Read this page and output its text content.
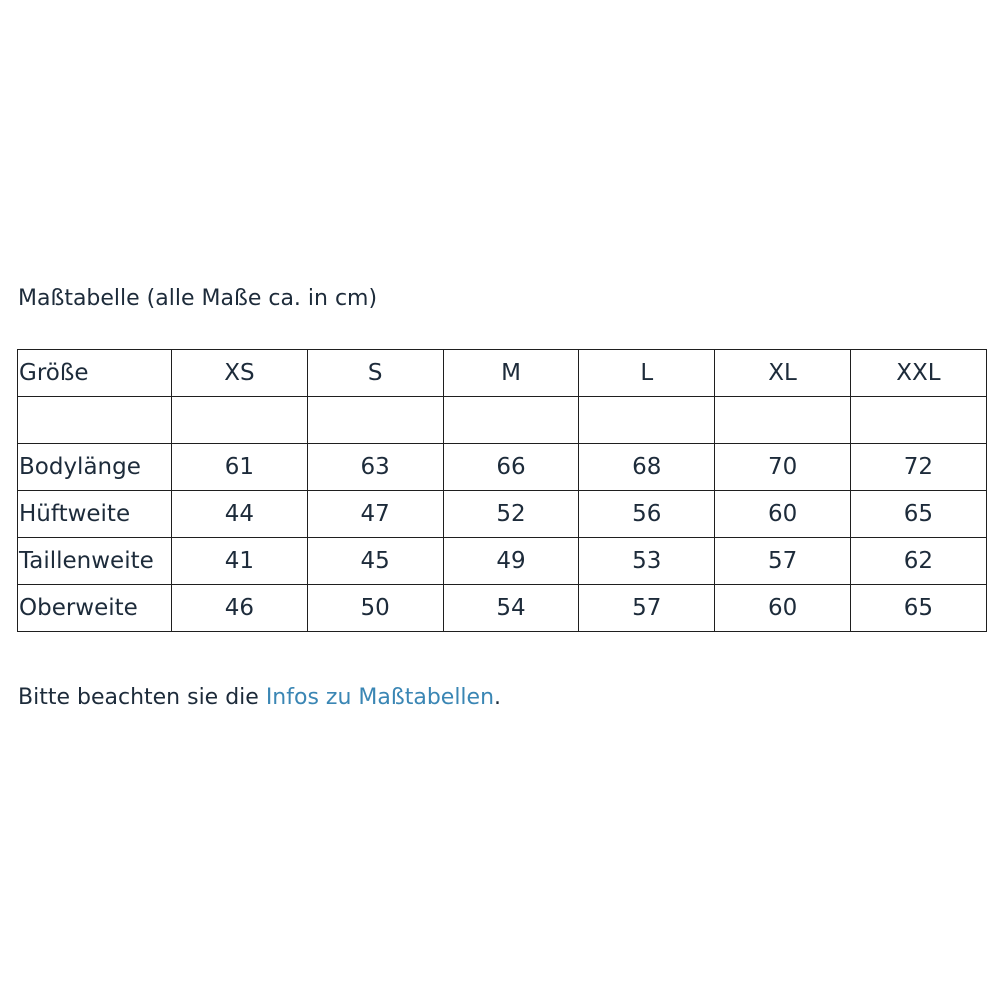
Maßtabelle (alle Maße ca. in cm)
Größe	XS	S	M	L	XL	XXL

Bodylänge	61	63	66	68	70	72
Hüftweite	44	47	52	56	60	65
Taillenweite	41	45	49	53	57	62
Oberweite	46	50	54	57	60	65
Bitte beachten sie die Infos zu Maßtabellen.
